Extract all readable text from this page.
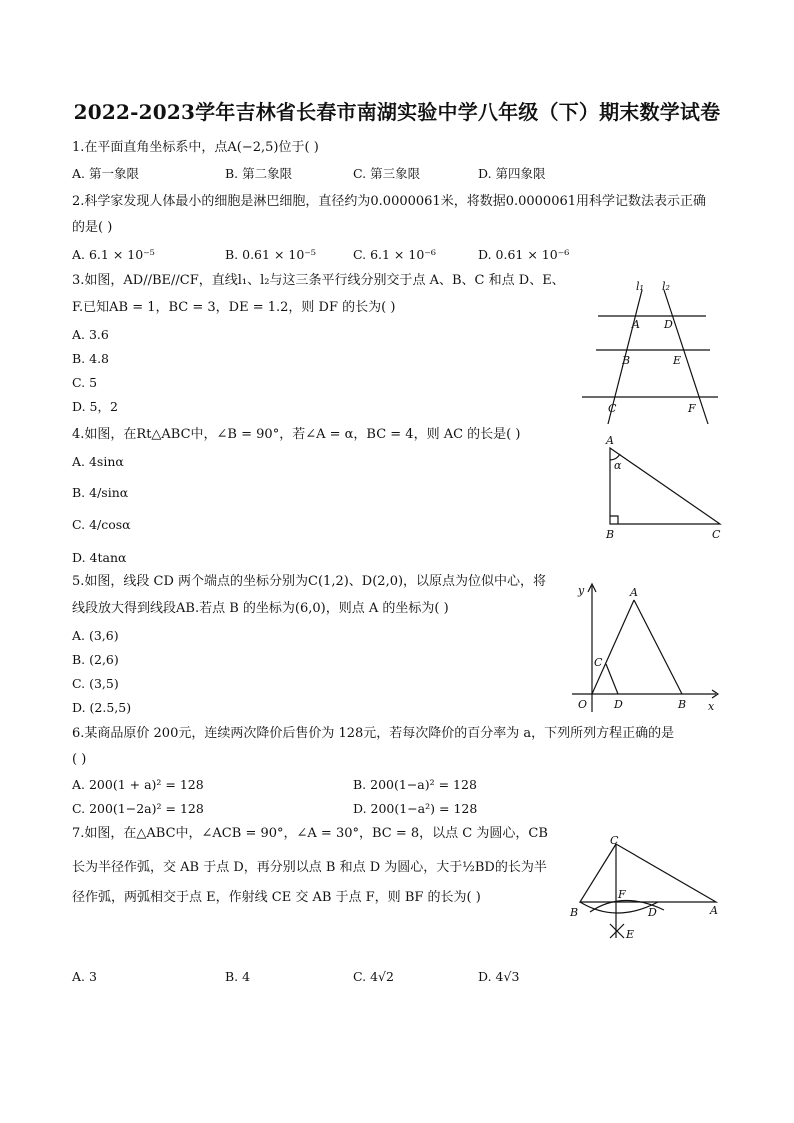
2022-2023学年吉林省长春市南湖实验中学八年级（下）期末数学试卷
1.在平面直角坐标系中，点A(−2,5)位于( )
A. 第一象限	B. 第二象限	C. 第三象限	D. 第四象限
2.科学家发现人体最小的细胞是淋巴细胞，直径约为0.0000061米，将数据0.0000061用科学记数法表示正确
的是( )
A. 6.1 × 10⁻⁵	B. 0.61 × 10⁻⁵	C. 6.1 × 10⁻⁶	D. 0.61 × 10⁻⁶
3.如图，AD//BE//CF，直线l₁、l₂与这三条平行线分别交于点 A、B、C 和点 D、E、
F.已知AB = 1，BC = 3，DE = 1.2，则 DF 的长为( )
A. 3.6
B. 4.8
C. 5
D. 5，2
l₁ l₂
A D
B	E
C	F
4.如图，在Rt△ABC中，∠B = 90°，若∠A = α，BC = 4，则 AC 的长是( )
A. 4sinα
B. 4/sinα
C. 4/cosα
D. 4tanα
A
α
B	C
5.如图，线段 CD 两个端点的坐标分别为C(1,2)、D(2,0)，以原点为位似中心，将
线段放大得到线段AB.若点 B 的坐标为(6,0)，则点 A 的坐标为( )
A. (3,6)
B. (2,6)
C. (3,5)
D. (2.5,5)
y	A
C
O D	B x
6.某商品原价 200元，连续两次降价后售价为 128元，若每次降价的百分率为 a，下列所列方程正确的是
( )
A. 200(1 + a)² = 128	B. 200(1−a)² = 128
C. 200(1−2a)² = 128	D. 200(1−a²) = 128
7.如图，在△ABC中，∠ACB = 90°，∠A = 30°，BC = 8，以点 C 为圆心，CB
长为半径作弧，交 AB 于点 D，再分别以点 B 和点 D 为圆心，大于½BD的长为半
径作弧，两弧相交于点 E，作射线 CE 交 AB 于点 F，则 BF 的长为( )
A. 3	B. 4	C. 4√2	D. 4√3
C
F
B	D	A
E
